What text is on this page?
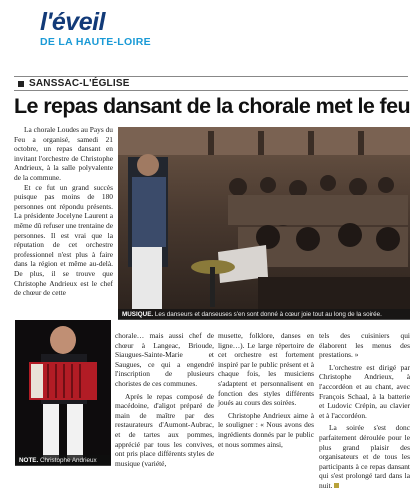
l'éveil
DE LA HAUTE-LOIRE
SANSSAC-L'ÉGLISE
Le repas dansant de la chorale met le feu

La chorale Loudes au Pays du Feu a organisé, samedi 21 octobre, un repas dansant en invitant l'orchestre de Christophe Andrieux, à la salle polyvalente de la commune.

Et ce fut un grand succès puisque pas moins de 180 personnes ont répondu présents. La présidente Jocelyne Laurent a même dû refuser une trentaine de personnes. Il est vrai que la réputation de cet orchestre professionnel n'est plus à faire dans la région et même au-delà. De plus, il se trouve que Christophe Andrieux est le chef de chœur de cette

MUSIQUE. Les danseurs et danseuses s'en sont donné à cœur joie tout au long de la soirée.
NOTE. Christophe Andrieux

chorale… mais aussi chef de chœur à Langeac, Brioude, Siaugues-Sainte-Marie et Saugues, ce qui a engendré l'inscription de plusieurs choristes de ces communes.

Après le repas composé de macédoine, d'aligot préparé de main de maître par des restaurateurs d'Aumont-Aubrac, et de tartes aux pommes, apprécié par tous les convives, ont pris place différents styles de musique (variété,

musette, folklore, danses en ligne…). Le large répertoire de cet orchestre est fortement inspiré par le public présent et à chaque fois, les musiciens s'adaptent et personnalisent en fonction des styles différents joués au cours des soirées.

Christophe Andrieux aime à le souligner : « Nous avons des ingrédients donnés par le public et nous sommes ainsi,

tels des cuisiniers qui élaborent les menus des prestations. »

L'orchestre est dirigé par Christophe Andrieux, à l'accordéon et au chant, avec François Schaal, à la batterie et Ludovic Crépin, au clavier et à l'accordéon.

La soirée s'est donc parfaitement déroulée pour le plus grand plaisir des organisateurs et de tous les participants à ce repas dansant qui s'est prolongé tard dans la nuit.
